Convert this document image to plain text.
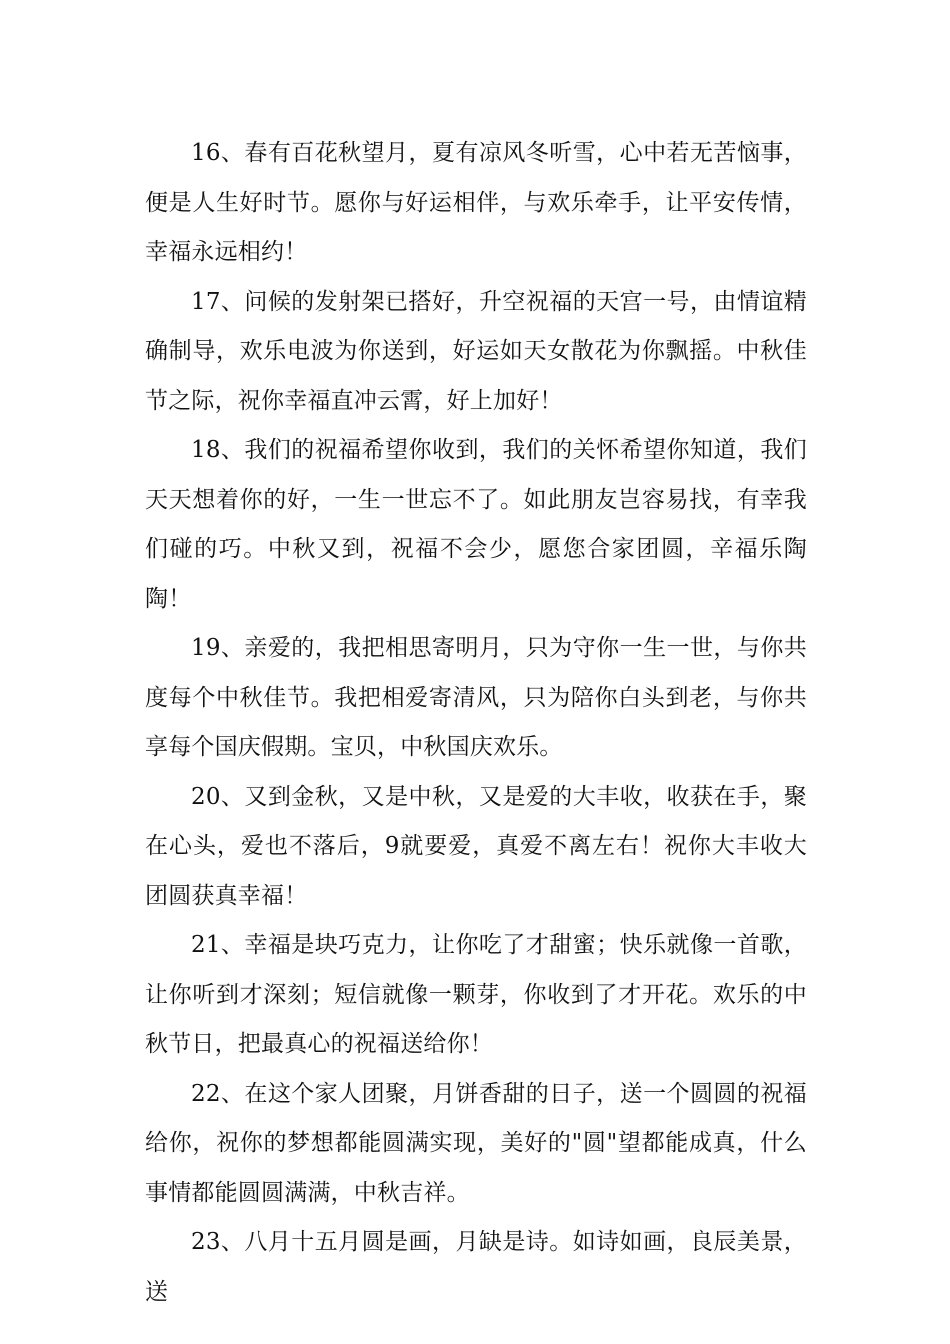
16、春有百花秋望月，夏有凉风冬听雪，心中若无苦恼事，便是人生好时节。愿你与好运相伴，与欢乐牵手，让平安传情，幸福永远相约！

17、问候的发射架已搭好，升空祝福的天宫一号，由情谊精确制导，欢乐电波为你送到，好运如天女散花为你飘摇。中秋佳节之际，祝你幸福直冲云霄，好上加好！

18、我们的祝福希望你收到，我们的关怀希望你知道，我们天天想着你的好，一生一世忘不了。如此朋友岂容易找，有幸我们碰的巧。中秋又到，祝福不会少，愿您合家团圆，辛福乐陶陶！

19、亲爱的，我把相思寄明月，只为守你一生一世，与你共度每个中秋佳节。我把相爱寄清风，只为陪你白头到老，与你共享每个国庆假期。宝贝，中秋国庆欢乐。

20、又到金秋，又是中秋，又是爱的大丰收，收获在手，聚在心头，爱也不落后，9就要爱，真爱不离左右！祝你大丰收大团圆获真幸福！

21、幸福是块巧克力，让你吃了才甜蜜；快乐就像一首歌，让你听到才深刻；短信就像一颗芽，你收到了才开花。欢乐的中秋节日，把最真心的祝福送给你！

22、在这个家人团聚，月饼香甜的日子，送一个圆圆的祝福给你，祝你的梦想都能圆满实现，美好的"圆"望都能成真，什么事情都能圆圆满满，中秋吉祥。

23、八月十五月圆是画，月缺是诗。如诗如画，良辰美景，送
